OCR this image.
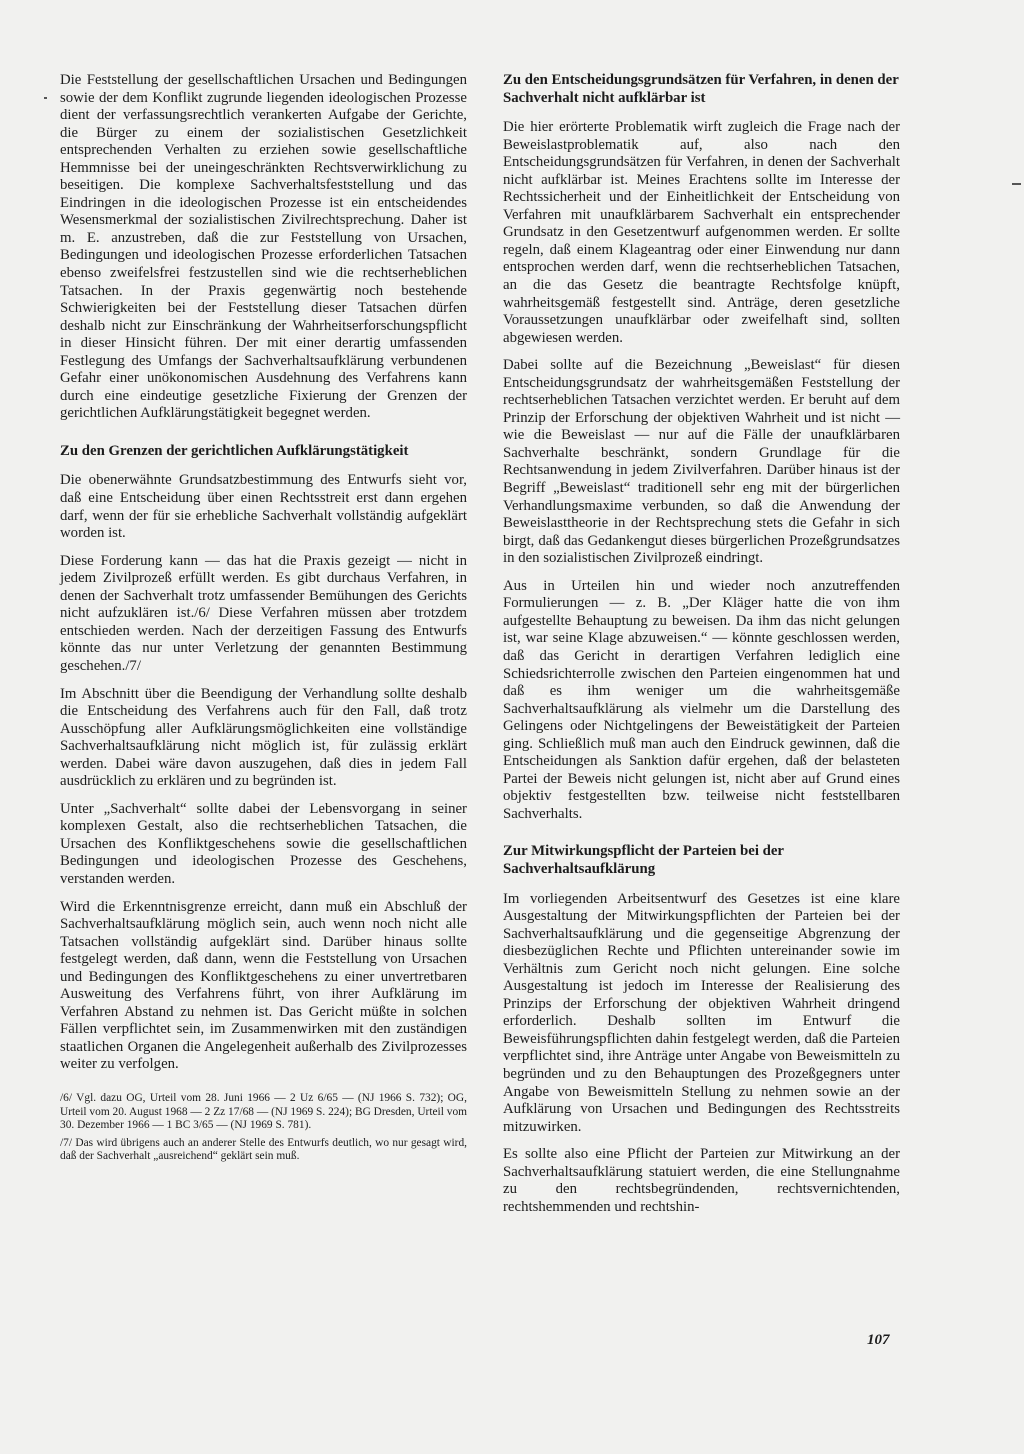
Die Feststellung der gesellschaftlichen Ursachen und Bedingungen sowie der dem Konflikt zugrunde liegenden ideologischen Prozesse dient der verfassungsrechtlich verankerten Aufgabe der Gerichte, die Bürger zu einem der sozialistischen Gesetzlichkeit entsprechenden Verhalten zu erziehen sowie gesellschaftliche Hemmnisse bei der uneingeschränkten Rechtsverwirklichung zu beseitigen. Die komplexe Sachverhaltsfeststellung und das Eindringen in die ideologischen Prozesse ist ein entscheidendes Wesensmerkmal der sozialistischen Zivilrechtsprechung. Daher ist m. E. anzustreben, daß die zur Feststellung von Ursachen, Bedingungen und ideologischen Prozesse erforderlichen Tatsachen ebenso zweifelsfrei festzustellen sind wie die rechtserheblichen Tatsachen. In der Praxis gegenwärtig noch bestehende Schwierigkeiten bei der Feststellung dieser Tatsachen dürfen deshalb nicht zur Einschränkung der Wahrheitserforschungspflicht in dieser Hinsicht führen. Der mit einer derartig umfassenden Festlegung des Umfangs der Sachverhaltsaufklärung verbundenen Gefahr einer unökonomischen Ausdehnung des Verfahrens kann durch eine eindeutige gesetzliche Fixierung der Grenzen der gerichtlichen Aufklärungstätigkeit begegnet werden.

Zu den Grenzen der gerichtlichen Aufklärungstätigkeit

Die obenerwähnte Grundsatzbestimmung des Entwurfs sieht vor, daß eine Entscheidung über einen Rechtsstreit erst dann ergehen darf, wenn der für sie erhebliche Sachverhalt vollständig aufgeklärt worden ist.

Diese Forderung kann — das hat die Praxis gezeigt — nicht in jedem Zivilprozeß erfüllt werden. Es gibt durchaus Verfahren, in denen der Sachverhalt trotz umfassender Bemühungen des Gerichts nicht aufzuklären ist./6/ Diese Verfahren müssen aber trotzdem entschieden werden. Nach der derzeitigen Fassung des Entwurfs könnte das nur unter Verletzung der genannten Bestimmung geschehen./7/

Im Abschnitt über die Beendigung der Verhandlung sollte deshalb die Entscheidung des Verfahrens auch für den Fall, daß trotz Ausschöpfung aller Aufklärungsmöglichkeiten eine vollständige Sachverhaltsaufklärung nicht möglich ist, für zulässig erklärt werden. Dabei wäre davon auszugehen, daß dies in jedem Fall ausdrücklich zu erklären und zu begründen ist.

Unter „Sachverhalt“ sollte dabei der Lebensvorgang in seiner komplexen Gestalt, also die rechtserheblichen Tatsachen, die Ursachen des Konfliktgeschehens sowie die gesellschaftlichen Bedingungen und ideologischen Prozesse des Geschehens, verstanden werden.

Wird die Erkenntnisgrenze erreicht, dann muß ein Abschluß der Sachverhaltsaufklärung möglich sein, auch wenn noch nicht alle Tatsachen vollständig aufgeklärt sind. Darüber hinaus sollte festgelegt werden, daß dann, wenn die Feststellung von Ursachen und Bedingungen des Konfliktgeschehens zu einer unvertretbaren Ausweitung des Verfahrens führt, von ihrer Aufklärung im Verfahren Abstand zu nehmen ist. Das Gericht müßte in solchen Fällen verpflichtet sein, im Zusammenwirken mit den zuständigen staatlichen Organen die Angelegenheit außerhalb des Zivilprozesses weiter zu verfolgen.

/6/ Vgl. dazu OG, Urteil vom 28. Juni 1966 — 2 Uz 6/65 — (NJ 1966 S. 732); OG, Urteil vom 20. August 1968 — 2 Zz 17/68 — (NJ 1969 S. 224); BG Dresden, Urteil vom 30. Dezember 1966 — 1 BC 3/65 — (NJ 1969 S. 781).

/7/ Das wird übrigens auch an anderer Stelle des Entwurfs deutlich, wo nur gesagt wird, daß der Sachverhalt „ausreichend“ geklärt sein muß.

Zu den Entscheidungsgrundsätzen für Verfahren, in denen der Sachverhalt nicht aufklärbar ist

Die hier erörterte Problematik wirft zugleich die Frage nach der Beweislastproblematik auf, also nach den Entscheidungsgrundsätzen für Verfahren, in denen der Sachverhalt nicht aufklärbar ist. Meines Erachtens sollte im Interesse der Rechtssicherheit und der Einheitlichkeit der Entscheidung von Verfahren mit unaufklärbarem Sachverhalt ein entsprechender Grundsatz in den Gesetzentwurf aufgenommen werden. Er sollte regeln, daß einem Klageantrag oder einer Einwendung nur dann entsprochen werden darf, wenn die rechtserheblichen Tatsachen, an die das Gesetz die beantragte Rechtsfolge knüpft, wahrheitsgemäß festgestellt sind. Anträge, deren gesetzliche Voraussetzungen unaufklärbar oder zweifelhaft sind, sollten abgewiesen werden.

Dabei sollte auf die Bezeichnung „Beweislast“ für diesen Entscheidungsgrundsatz der wahrheitsgemäßen Feststellung der rechtserheblichen Tatsachen verzichtet werden. Er beruht auf dem Prinzip der Erforschung der objektiven Wahrheit und ist nicht — wie die Beweislast — nur auf die Fälle der unaufklärbaren Sachverhalte beschränkt, sondern Grundlage für die Rechtsanwendung in jedem Zivilverfahren. Darüber hinaus ist der Begriff „Beweislast“ traditionell sehr eng mit der bürgerlichen Verhandlungsmaxime verbunden, so daß die Anwendung der Beweislasttheorie in der Rechtsprechung stets die Gefahr in sich birgt, daß das Gedankengut dieses bürgerlichen Prozeßgrundsatzes in den sozialistischen Zivilprozeß eindringt.

Aus in Urteilen hin und wieder noch anzutreffenden Formulierungen — z. B. „Der Kläger hatte die von ihm aufgestellte Behauptung zu beweisen. Da ihm das nicht gelungen ist, war seine Klage abzuweisen.“ — könnte geschlossen werden, daß das Gericht in derartigen Verfahren lediglich eine Schiedsrichterrolle zwischen den Parteien eingenommen hat und daß es ihm weniger um die wahrheitsgemäße Sachverhaltsaufklärung als vielmehr um die Darstellung des Gelingens oder Nichtgelingens der Beweistätigkeit der Parteien ging. Schließlich muß man auch den Eindruck gewinnen, daß die Entscheidungen als Sanktion dafür ergehen, daß der belasteten Partei der Beweis nicht gelungen ist, nicht aber auf Grund eines objektiv festgestellten bzw. teilweise nicht feststellbaren Sachverhalts.

Zur Mitwirkungspflicht der Parteien bei der Sachverhaltsaufklärung

Im vorliegenden Arbeitsentwurf des Gesetzes ist eine klare Ausgestaltung der Mitwirkungspflichten der Parteien bei der Sachverhaltsaufklärung und die gegenseitige Abgrenzung der diesbezüglichen Rechte und Pflichten untereinander sowie im Verhältnis zum Gericht noch nicht gelungen. Eine solche Ausgestaltung ist jedoch im Interesse der Realisierung des Prinzips der Erforschung der objektiven Wahrheit dringend erforderlich. Deshalb sollten im Entwurf die Beweisführungspflichten dahin festgelegt werden, daß die Parteien verpflichtet sind, ihre Anträge unter Angabe von Beweismitteln zu begründen und zu den Behauptungen des Prozeßgegners unter Angabe von Beweismitteln Stellung zu nehmen sowie an der Aufklärung von Ursachen und Bedingungen des Rechtsstreits mitzuwirken.

Es sollte also eine Pflicht der Parteien zur Mitwirkung an der Sachverhaltsaufklärung statuiert werden, die eine Stellungnahme zu den rechtsbegründenden, rechtsvernichtenden, rechtshemmenden und rechtshin-

107
